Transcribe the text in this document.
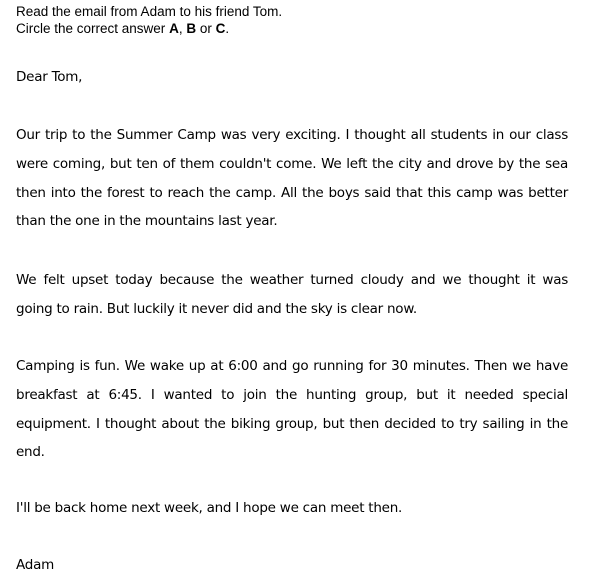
Read the email from Adam to his friend Tom.
Circle the correct answer A, B or C.

Dear Tom,

Our trip to the Summer Camp was very exciting. I thought all students in our class were coming, but ten of them couldn't come. We left the city and drove by the sea then into the forest to reach the camp. All the boys said that this camp was better than the one in the mountains last year.

We felt upset today because the weather turned cloudy and we thought it was going to rain. But luckily it never did and the sky is clear now.

Camping is fun. We wake up at 6:00 and go running for 30 minutes. Then we have breakfast at 6:45. I wanted to join the hunting group, but it needed special equipment. I thought about the biking group, but then decided to try sailing in the end.

I'll be back home next week, and I hope we can meet then.

Adam
